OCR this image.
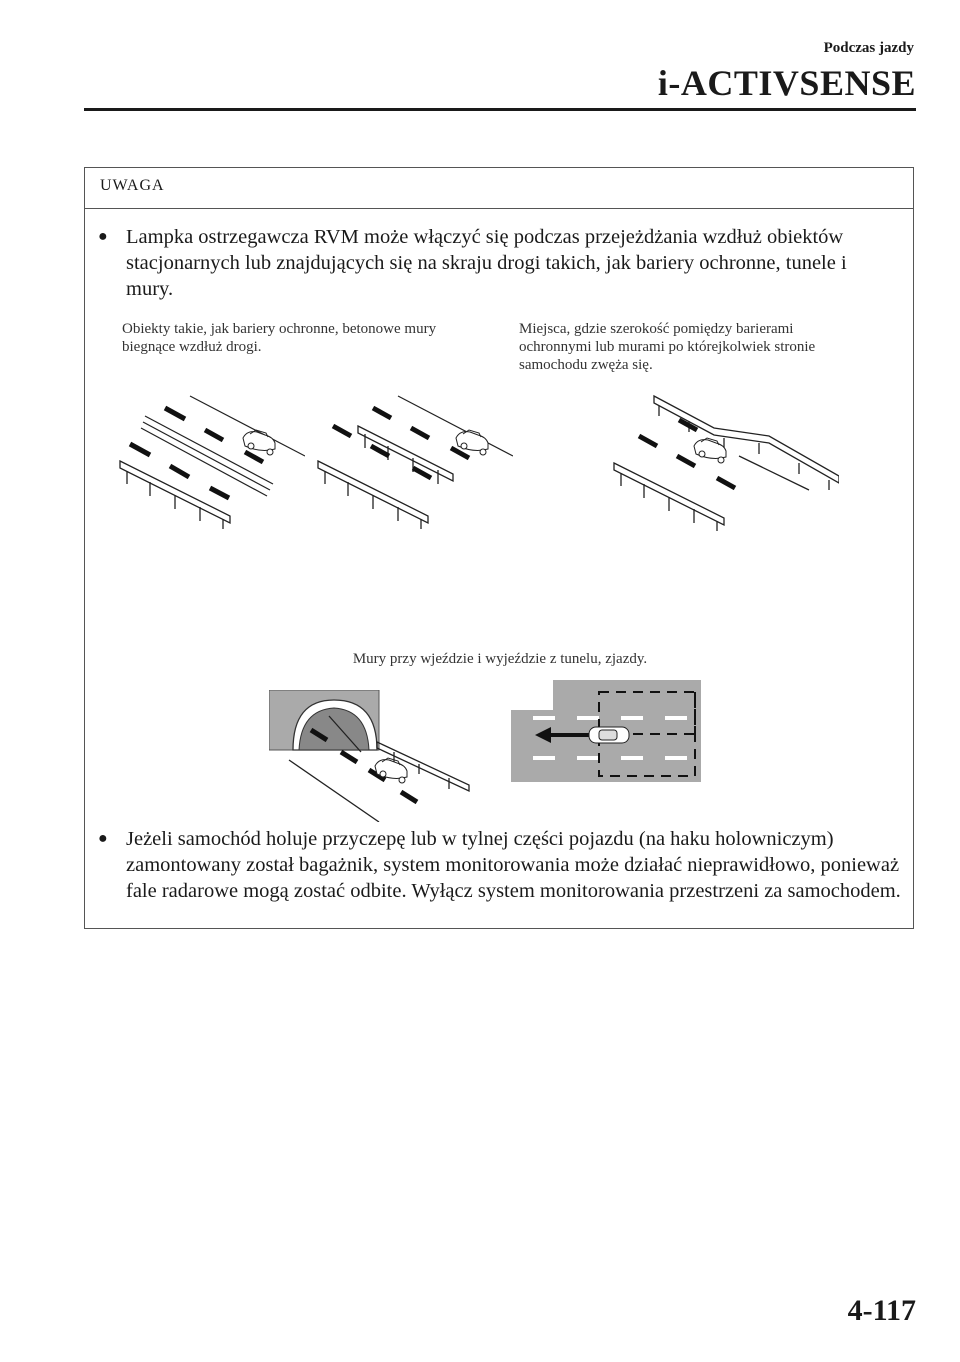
Podczas jazdy
i-ACTIVSENSE
UWAGA
● Lampka ostrzegawcza RVM może włączyć się podczas przejeżdżania wzdłuż obiektów stacjonarnych lub znajdujących się na skraju drogi takich, jak bariery ochronne, tunele i mury.
Obiekty takie, jak bariery ochronne, betonowe mury biegnące wzdłuż drogi.
Miejsca, gdzie szerokość pomiędzy barierami ochronnymi lub murami po którejkolwiek stronie samochodu zwęża się.
Mury przy wjeździe i wyjeździe z tunelu, zjazdy.
● Jeżeli samochód holuje przyczepę lub w tylnej części pojazdu (na haku holowniczym) zamontowany został bagażnik, system monitorowania może działać nieprawidłowo, ponieważ fale radarowe mogą zostać odbite. Wyłącz system monitorowania przestrzeni za samochodem.
4-117
